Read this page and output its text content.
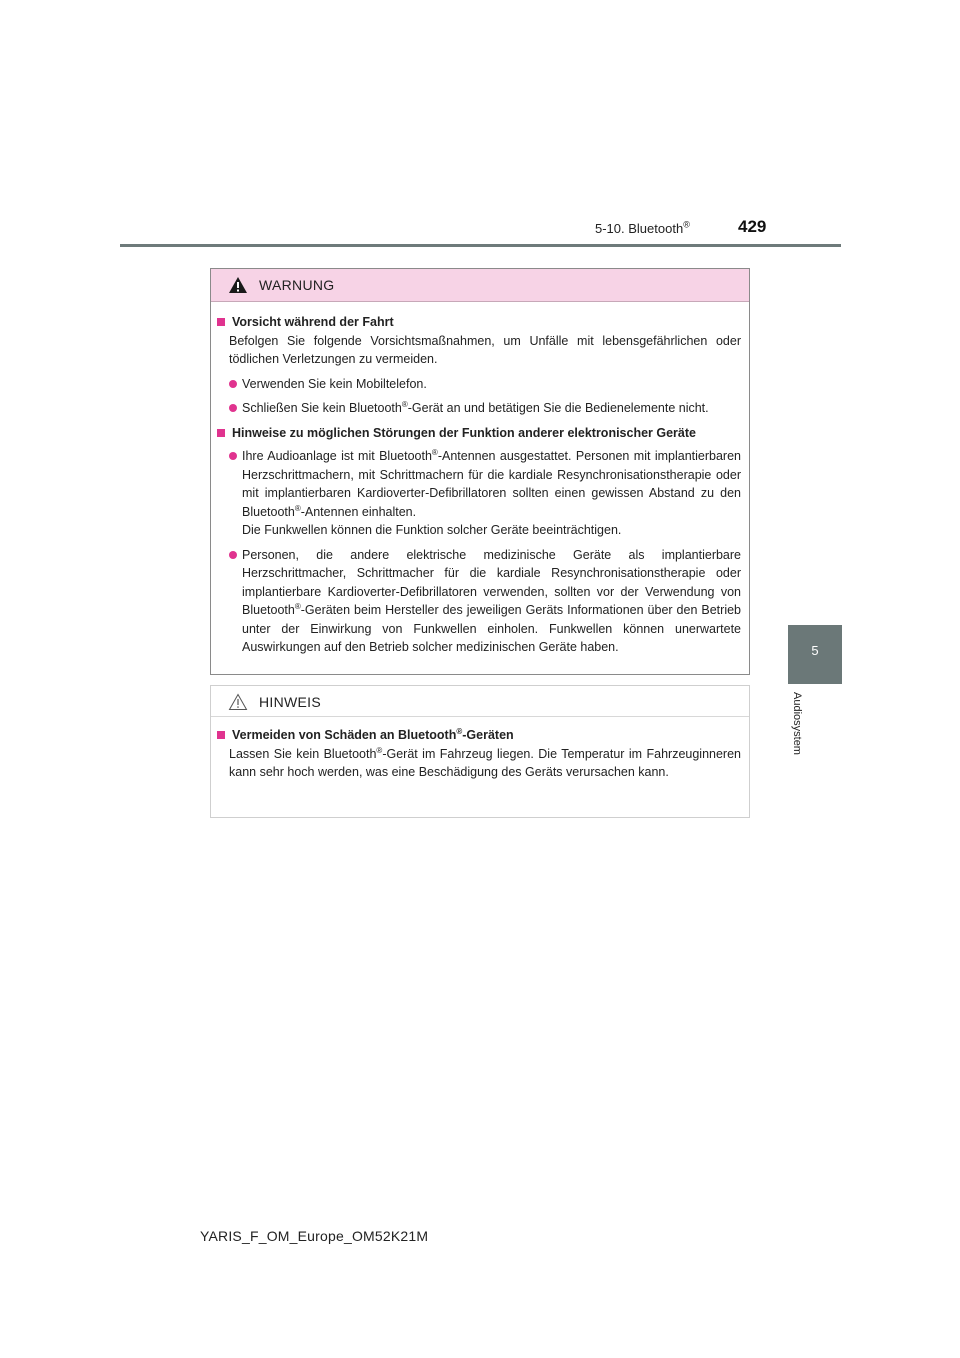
5-10. Bluetooth®	429
5
Audiosystem
WARNUNG
Vorsicht während der Fahrt
Befolgen Sie folgende Vorsichtsmaßnahmen, um Unfälle mit lebensgefährlichen oder tödlichen Verletzungen zu vermeiden.
Verwenden Sie kein Mobiltelefon.
Schließen Sie kein Bluetooth®-Gerät an und betätigen Sie die Bedienelemente nicht.
Hinweise zu möglichen Störungen der Funktion anderer elektronischer Geräte
Ihre Audioanlage ist mit Bluetooth®-Antennen ausgestattet. Personen mit implantierbaren Herzschrittmachern, mit Schrittmachern für die kardiale Resynchronisationstherapie oder mit implantierbaren Kardioverter-Defibrillatoren sollten einen gewissen Abstand zu den Bluetooth®-Antennen einhalten.
Die Funkwellen können die Funktion solcher Geräte beeinträchtigen.
Personen, die andere elektrische medizinische Geräte als implantierbare Herzschrittmacher, Schrittmacher für die kardiale Resynchronisationstherapie oder implantierbare Kardioverter-Defibrillatoren verwenden, sollten vor der Verwendung von Bluetooth®-Geräten beim Hersteller des jeweiligen Geräts Informationen über den Betrieb unter der Einwirkung von Funkwellen einholen. Funkwellen können unerwartete Auswirkungen auf den Betrieb solcher medizinischen Geräte haben.
HINWEIS
Vermeiden von Schäden an Bluetooth®-Geräten
Lassen Sie kein Bluetooth®-Gerät im Fahrzeug liegen. Die Temperatur im Fahrzeuginneren kann sehr hoch werden, was eine Beschädigung des Geräts verursachen kann.
YARIS_F_OM_Europe_OM52K21M
